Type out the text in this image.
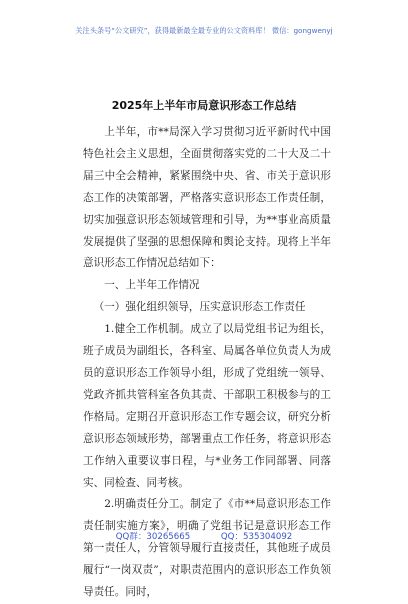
关注头条号“公文研究”，获得最新最全最专业的公文资料库！ 微信：gongwenyj
2025年上半年市局意识形态工作总结

上半年，市**局深入学习贯彻习近平新时代中国特色社会主义思想，全面贯彻落实党的二十大及二十届三中全会精神，紧紧围绕中央、省、市关于意识形态工作的决策部署，严格落实意识形态工作责任制，切实加强意识形态领域管理和引导，为**事业高质量发展提供了坚强的思想保障和舆论支持。现将上半年意识形态工作情况总结如下：

一、上半年工作情况

（一）强化组织领导，压实意识形态工作责任

1.健全工作机制。成立了以局党组书记为组长，班子成员为副组长，各科室、局属各单位负责人为成员的意识形态工作领导小组，形成了党组统一领导、党政齐抓共管科室各负其责、干部职工积极参与的工作格局。定期召开意识形态工作专题会议，研究分析意识形态领域形势，部署重点工作任务，将意识形态工作纳入重要议事日程，与*业务工作同部署、同落实、同检查、同考核。

2.明确责任分工。制定了《市**局意识形态工作责任制实施方案》，明确了党组书记是意识形态工作第一责任人，分管领导履行直接责任，其他班子成员履行“一岗双责”，对职责范围内的意识形态工作负领导责任。同时，

QQ群：30265665	QQ：535304092
